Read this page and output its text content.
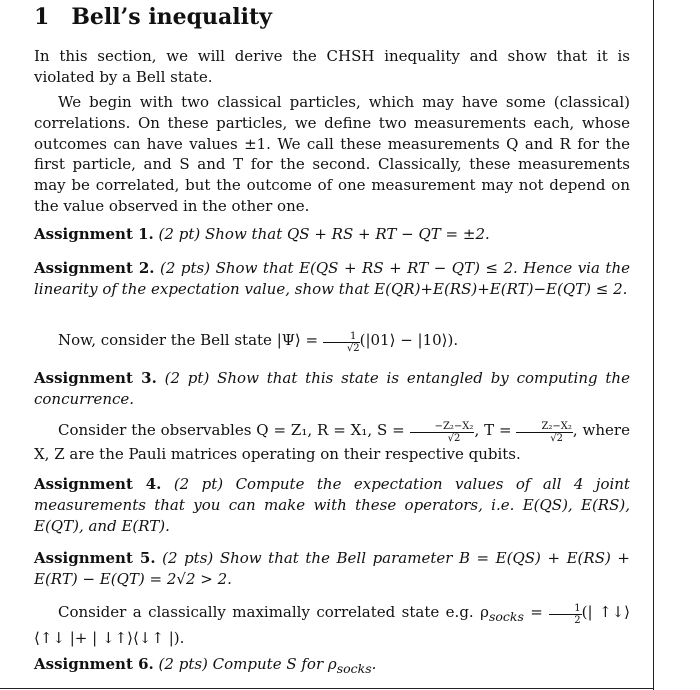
1 Bell’s inequality

In this section, we will derive the CHSH inequality and show that it is violated by a Bell state.

We begin with two classical particles, which may have some (classical) correlations. On these particles, we define two measurements each, whose outcomes can have values ±1. We call these measurements Q and R for the first particle, and S and T for the second. Classically, these measurements may be correlated, but the outcome of one measurement may not depend on the value observed in the other one.

Assignment 1. (2 pt) Show that QS + RS + RT − QT = ±2.

Assignment 2. (2 pts) Show that E(QS + RS + RT − QT) ≤ 2. Hence via the linearity of the expectation value, show that E(QR)+E(RS)+E(RT)−E(QT) ≤ 2.

Now, consider the Bell state |Ψ⟩ = $\frac{1}{√2}$ (|01⟩ − |10⟩).

Assignment 3. (2 pt) Show that this state is entangled by computing the concurrence.

Consider the observables Q = Z₁, R = X₁, $S = \frac{\text{−Z₂−X₂}}{√2}$ , $T = \frac{\text{Z₂−X₂}}{√2}$ , where X, Z are the Pauli matrices operating on their respective qubits.

Assignment 4. (2 pt) Compute the expectation values of all 4 joint measurements that you can make with these operators, i.e. E(QS), E(RS), E(QT), and E(RT).

Assignment 5. (2 pts) Show that the Bell parameter B = E(QS) + E(RS) + E(RT) − E(QT) = 2√2 > 2.

Consider a classically maximally correlated state e.g. $\rho_{socks} = \frac{1}{2}$ (| ↑↓⟩⟨↑↓ |+ | ↓↑⟩⟨↓↑ |).

Assignment 6. (2 pts) Compute S for $\rho_{socks}$.
